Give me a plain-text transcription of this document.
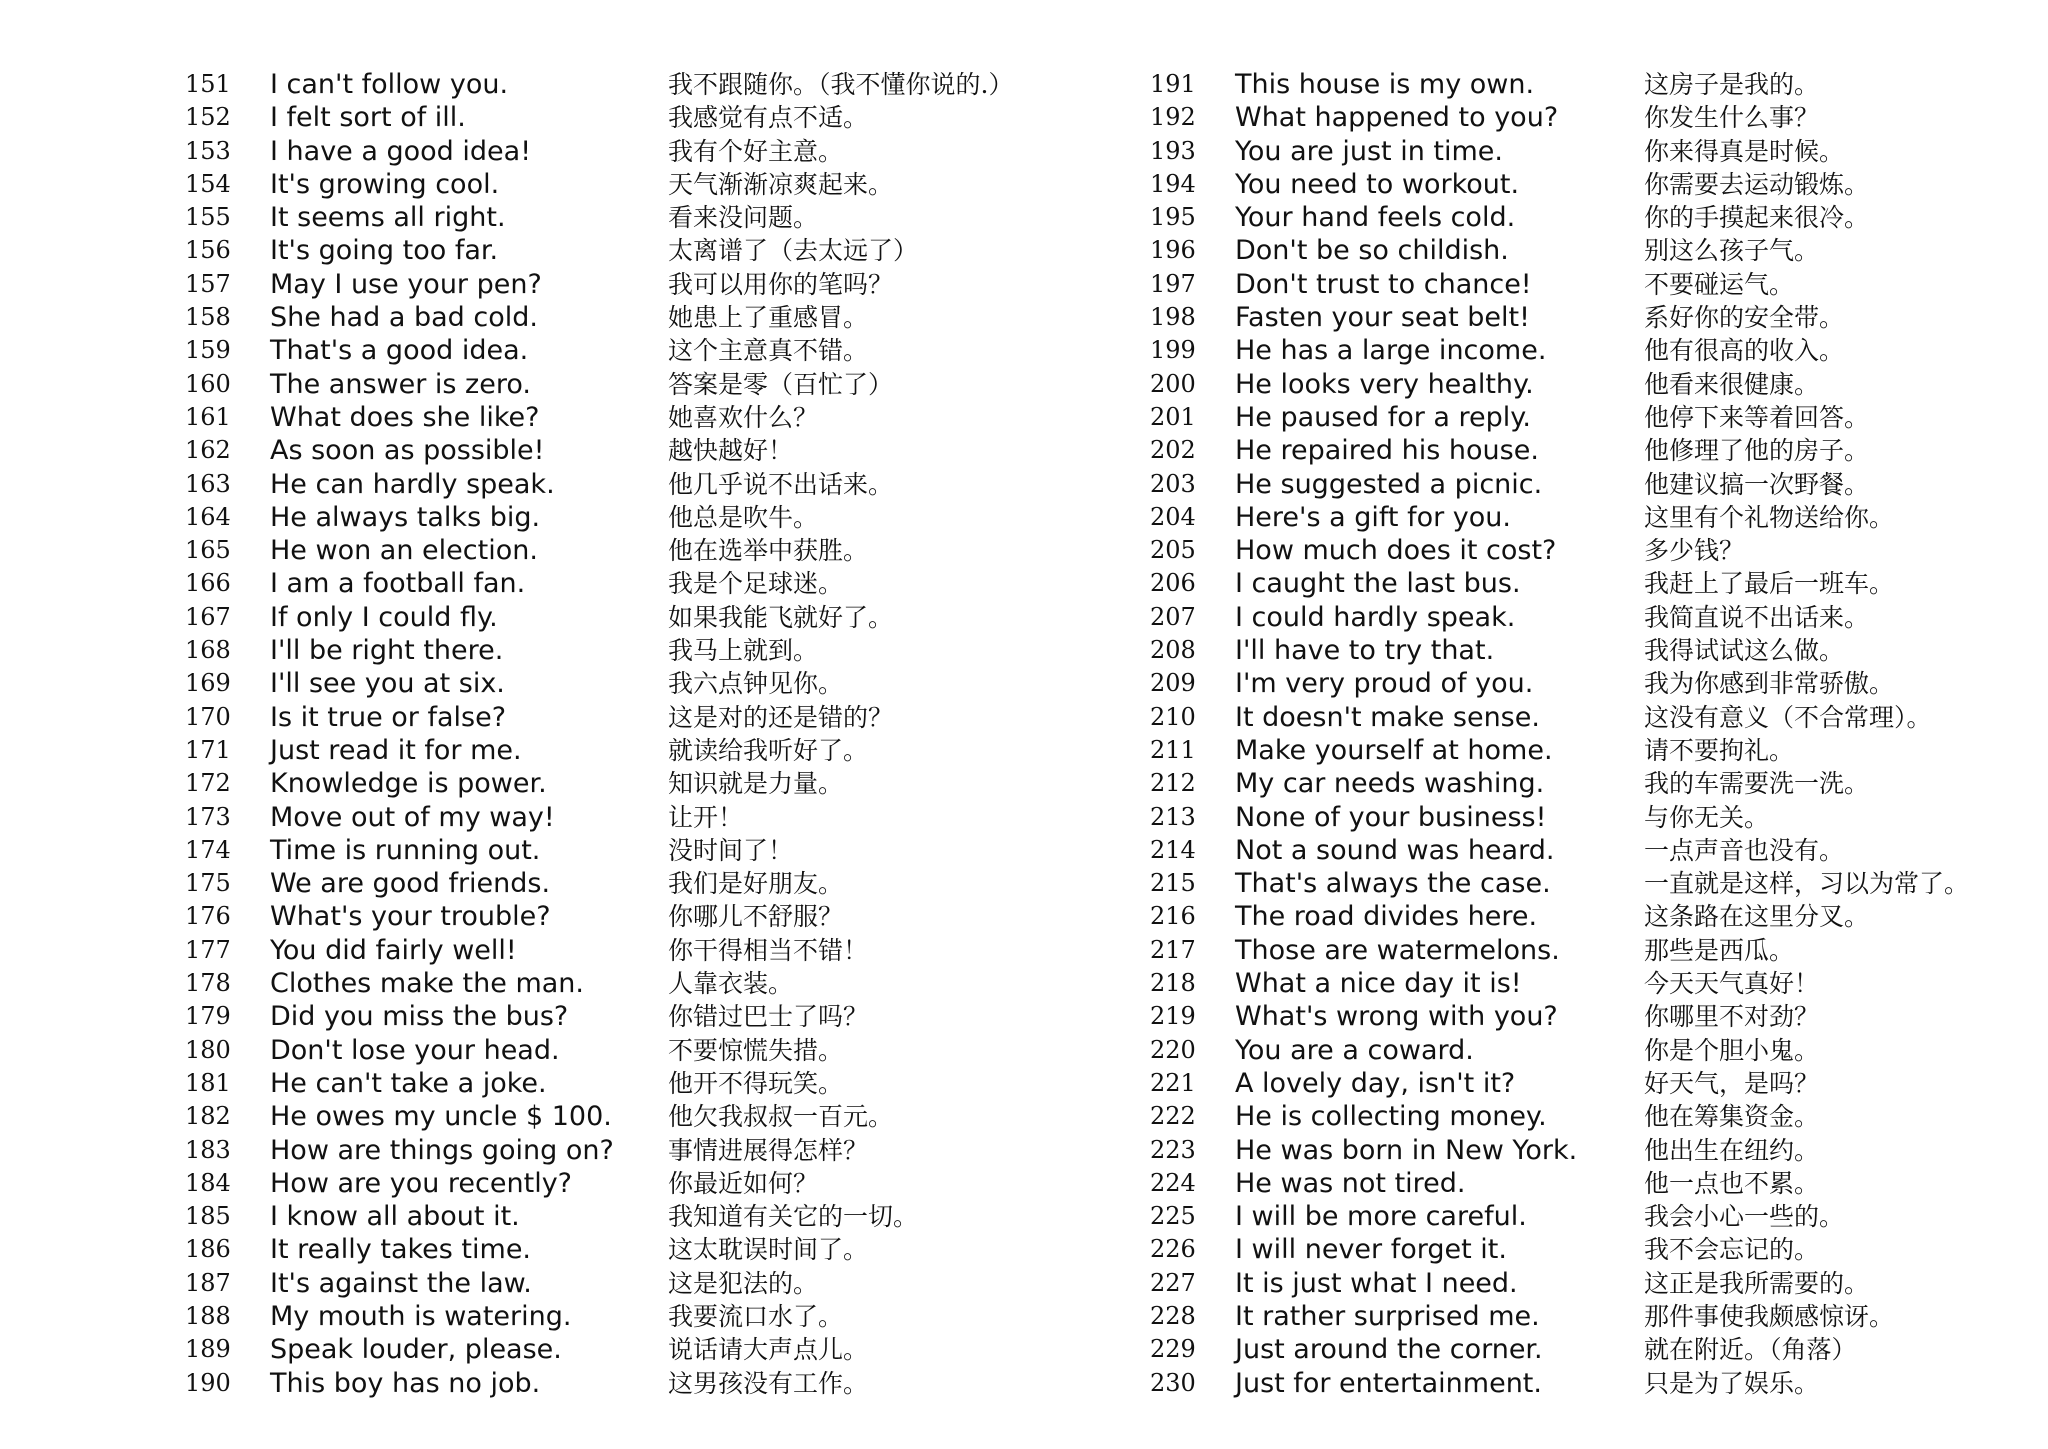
151 I can't follow you.	我不跟随你。（我不懂你说的.）
152 I felt sort of ill.	我感觉有点不适。
153 I have a good idea!	我有个好主意。
154 It's growing cool.	天气渐渐凉爽起来。
155 It seems all right.	看来没问题。
156 It's going too far.	太离谱了（去太远了）
157 May I use your pen?	我可以用你的笔吗？
158 She had a bad cold.	她患上了重感冒。
159 That's a good idea.	这个主意真不错。
160 The answer is zero.	答案是零（百忙了）
161 What does she like?	她喜欢什么？
162 As soon as possible!	越快越好！
163 He can hardly speak.	他几乎说不出话来。
164 He always talks big.	他总是吹牛。
165 He won an election.	他在选举中获胜。
166 I am a football fan.	我是个足球迷。
167 If only I could fly.	如果我能飞就好了。
168 I'll be right there.	我马上就到。
169 I'll see you at six.	我六点钟见你。
170 Is it true or false?	这是对的还是错的？
171 Just read it for me.	就读给我听好了。
172 Knowledge is power.	知识就是力量。
173 Move out of my way!	让开！
174 Time is running out.	没时间了！
175 We are good friends.	我们是好朋友。
176 What's your trouble?	你哪儿不舒服？
177 You did fairly well!	你干得相当不错！
178 Clothes make the man.	人靠衣装。
179 Did you miss the bus?	你错过巴士了吗？
180 Don't lose your head.	不要惊慌失措。
181 He can't take a joke.	他开不得玩笑。
182 He owes my uncle $ 100. 他欠我叔叔一百元。
183 How are things going on? 事情进展得怎样？
184 How are you recently?	你最近如何？
185 I know all about it.	我知道有关它的一切。
186 It really takes time.	这太耽误时间了。
187 It's against the law.	这是犯法的。
188 My mouth is watering.	我要流口水了。
189 Speak louder, please.	说话请大声点儿。
190 This boy has no job.	这男孩没有工作。
191 This house is my own.	这房子是我的。
192 What happened to you?	你发生什么事？
193 You are just in time.	你来得真是时候。
194 You need to workout.	你需要去运动锻炼。
195 Your hand feels cold.	你的手摸起来很冷。
196 Don't be so childish.	别这么孩子气。
197 Don't trust to chance!	不要碰运气。
198 Fasten your seat belt!	系好你的安全带。
199 He has a large income.	他有很高的收入。
200 He looks very healthy.	他看来很健康。
201 He paused for a reply.	他停下来等着回答。
202 He repaired his house.	他修理了他的房子。
203 He suggested a picnic.	他建议搞一次野餐。
204 Here's a gift for you.	这里有个礼物送给你。
205 How much does it cost?	多少钱？
206 I caught the last bus.	我赶上了最后一班车。
207 I could hardly speak.	我简直说不出话来。
208 I'll have to try that.	我得试试这么做。
209 I'm very proud of you.	我为你感到非常骄傲。
210 It doesn't make sense.	这没有意义（不合常理）。
211 Make yourself at home.	请不要拘礼。
212 My car needs washing.	我的车需要洗一洗。
213 None of your business!	与你无关。
214 Not a sound was heard.	一点声音也没有。
215 That's always the case.	一直就是这样，习以为常了。
216 The road divides here.	这条路在这里分叉。
217 Those are watermelons.	那些是西瓜。
218 What a nice day it is!	今天天气真好！
219 What's wrong with you?	你哪里不对劲？
220 You are a coward.	你是个胆小鬼。
221 A lovely day, isn't it?	好天气，是吗？
222 He is collecting money.	他在筹集资金。
223 He was born in New York.	他出生在纽约。
224 He was not tired.	他一点也不累。
225 I will be more careful.	我会小心一些的。
226 I will never forget it.	我不会忘记的。
227 It is just what I need.	这正是我所需要的。
228 It rather surprised me.	那件事使我颇感惊讶。
229 Just around the corner.	就在附近。（角落）
230 Just for entertainment.	只是为了娱乐。
